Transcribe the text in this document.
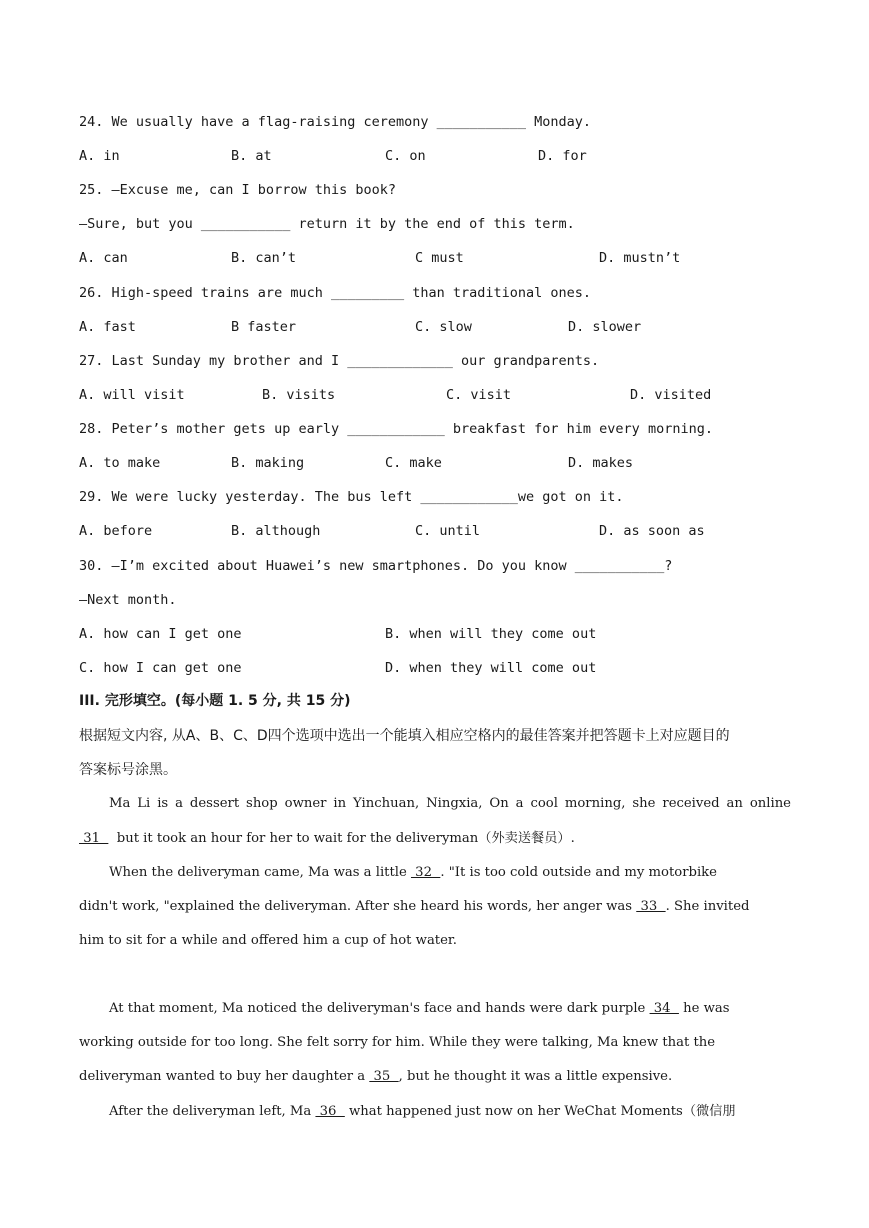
24. We usually have a flag-raising ceremony ___________ Monday.
A. in	B. at	C. on	D. for
25. —Excuse me, can I borrow this book?
—Sure, but you ___________ return it by the end of this term.
A. can	B. can’t	C must	D. mustn’t
26. High-speed trains are much _________ than traditional ones.
A. fast	B faster	C. slow	D. slower
27. Last Sunday my brother and I _____________ our grandparents.
A. will visit	B. visits	C. visit	D. visited
28. Peter’s mother gets up early ____________ breakfast for him every morning.
A. to make	B. making	C. make	D. makes
29. We were lucky yesterday. The bus left ____________we got on it.
A. before	B. although	C. until	D. as soon as
30. —I’m excited about Huawei’s new smartphones. Do you know ___________?
—Next month.
A. how can I get one	B. when will they come out
C. how I can get one	D. when they will come out
III. 完形填空。(每小题 1. 5 分, 共 15 分)
根据短文内容, 从A、B、C、D四个选项中选出一个能填入相应空格内的最佳答案并把答题卡上对应题目的
答案标号涂黑。
Ma Li is a dessert shop owner in Yinchuan, Ningxia, On a cool morning, she received an online
31    but it took an hour for her to wait for the deliveryman（外卖送餐员）.
When the deliveryman came, Ma was a little  32  . "It is too cold outside and my motorbike
didn't work, "explained the deliveryman. After she heard his words, her anger was  33  . She invited
him to sit for a while and offered him a cup of hot water.
At that moment, Ma noticed the deliveryman's face and hands were dark purple  34   he was
working outside for too long. She felt sorry for him. While they were talking, Ma knew that the
deliveryman wanted to buy her daughter a  35  , but he thought it was a little expensive.
After the deliveryman left, Ma  36   what happened just now on her WeChat Moments（微信朋
